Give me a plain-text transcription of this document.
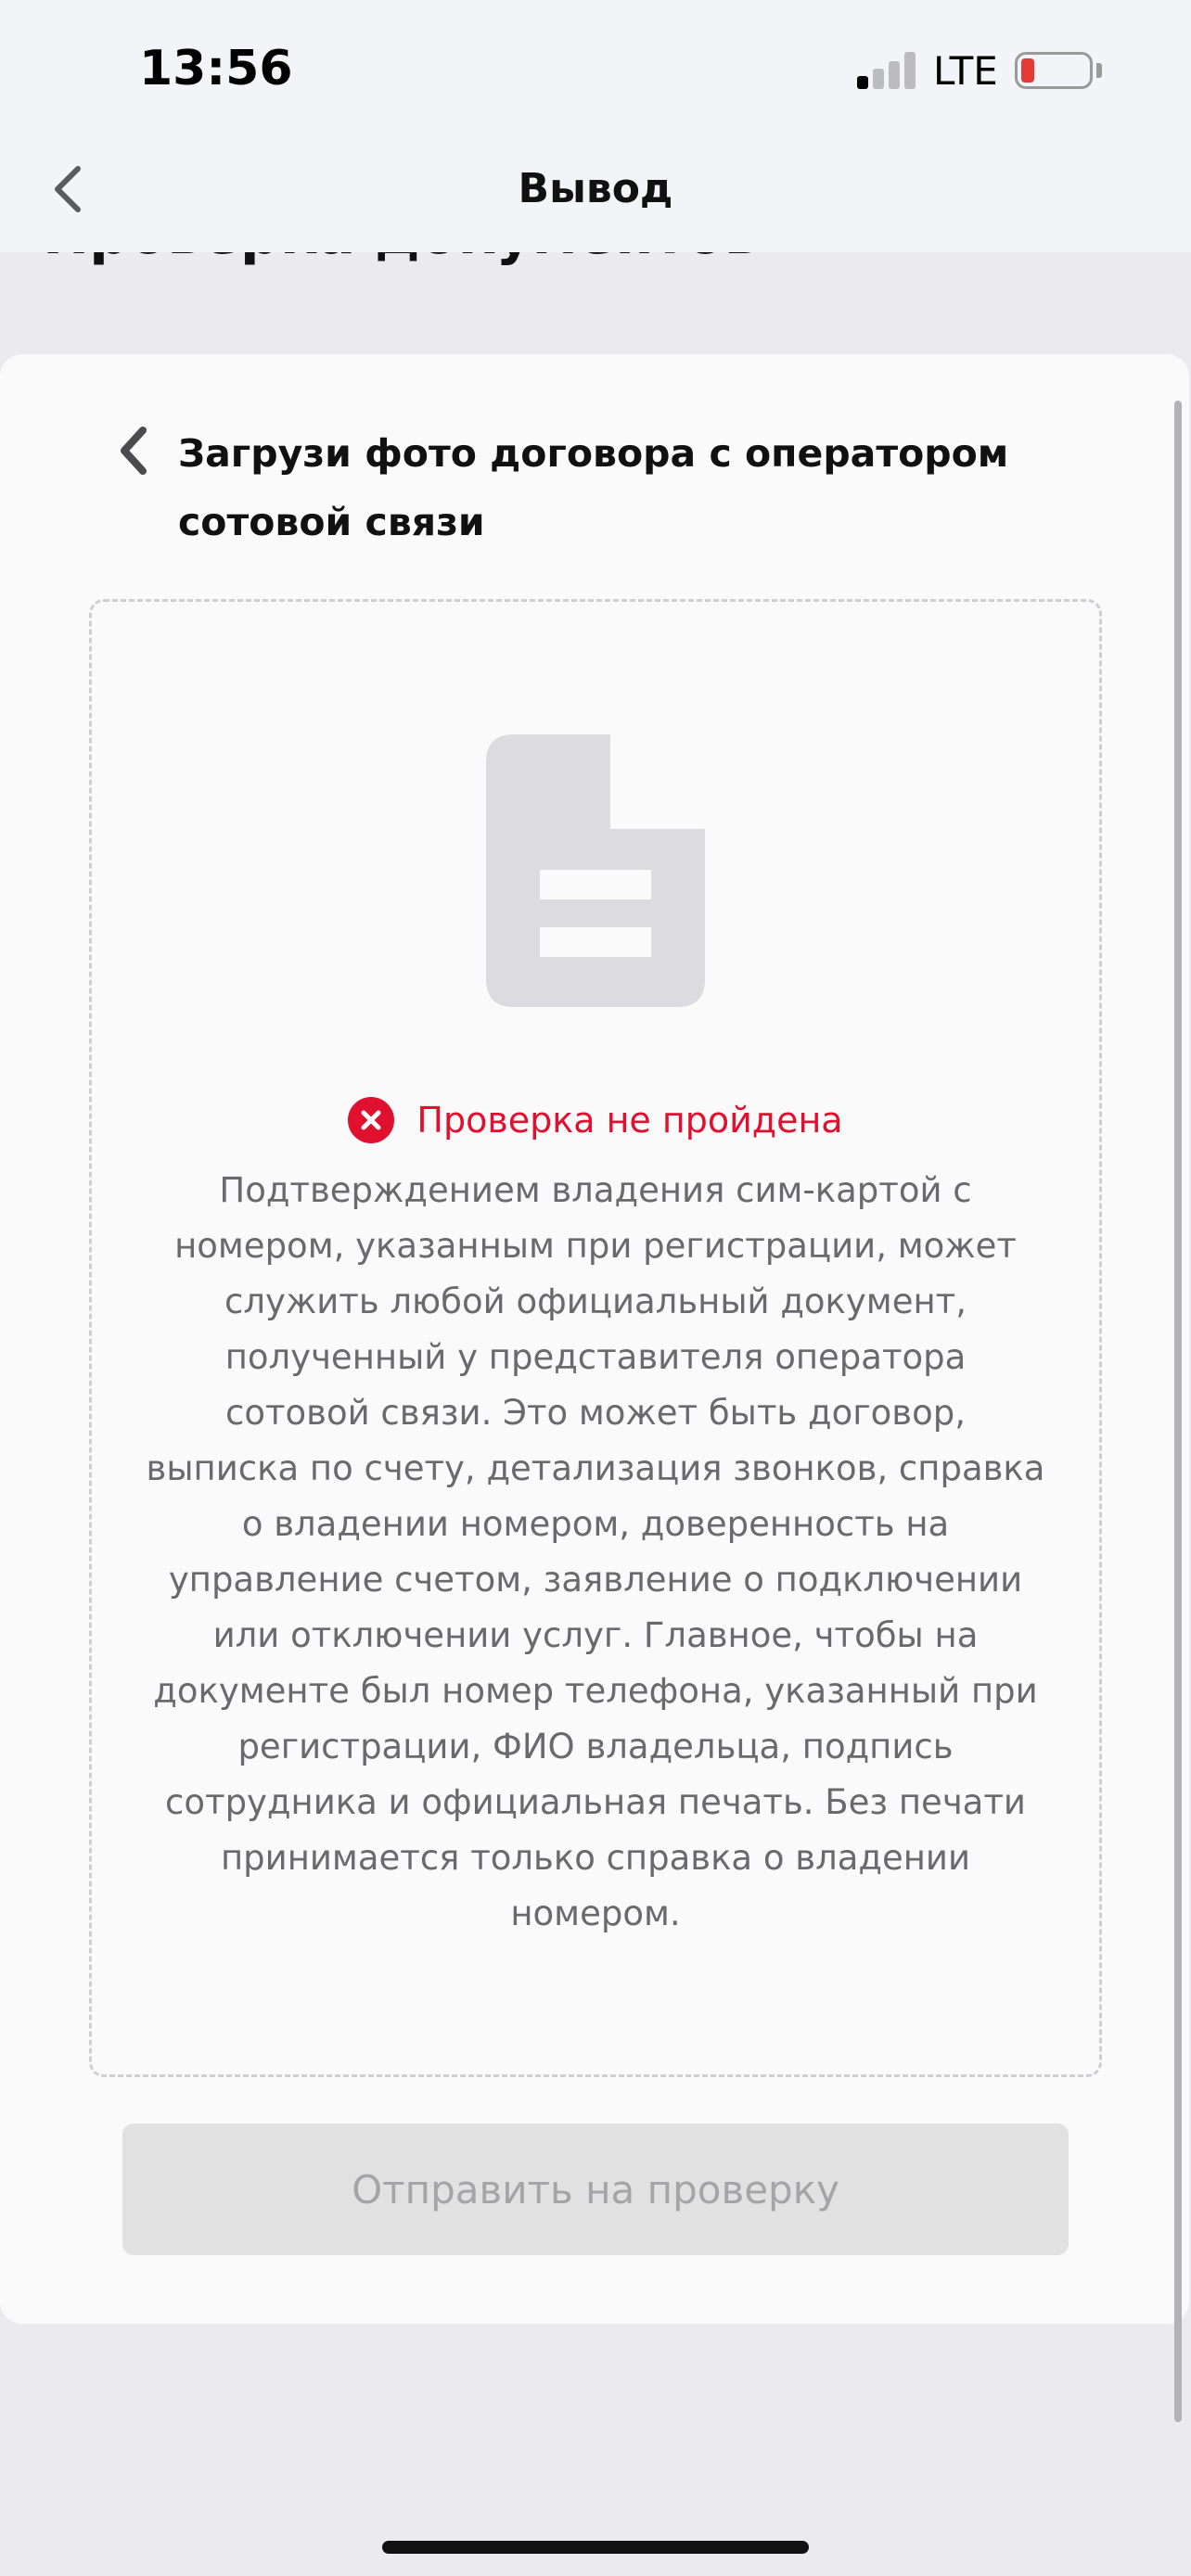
13:56	LTE
Вывод
Загрузи фото договора с оператором сотовой связи
Проверка не пройдена
Подтверждением владения сим-картой с
номером, указанным при регистрации, может
служить любой официальный документ,
полученный у представителя оператора
сотовой связи. Это может быть договор,
выписка по счету, детализация звонков, справка
о владении номером, доверенность на
управление счетом, заявление о подключении
или отключении услуг. Главное, чтобы на
документе был номер телефона, указанный при
регистрации, ФИО владельца, подпись
сотрудника и официальная печать. Без печати
принимается только справка о владении
номером.
Отправить на проверку
